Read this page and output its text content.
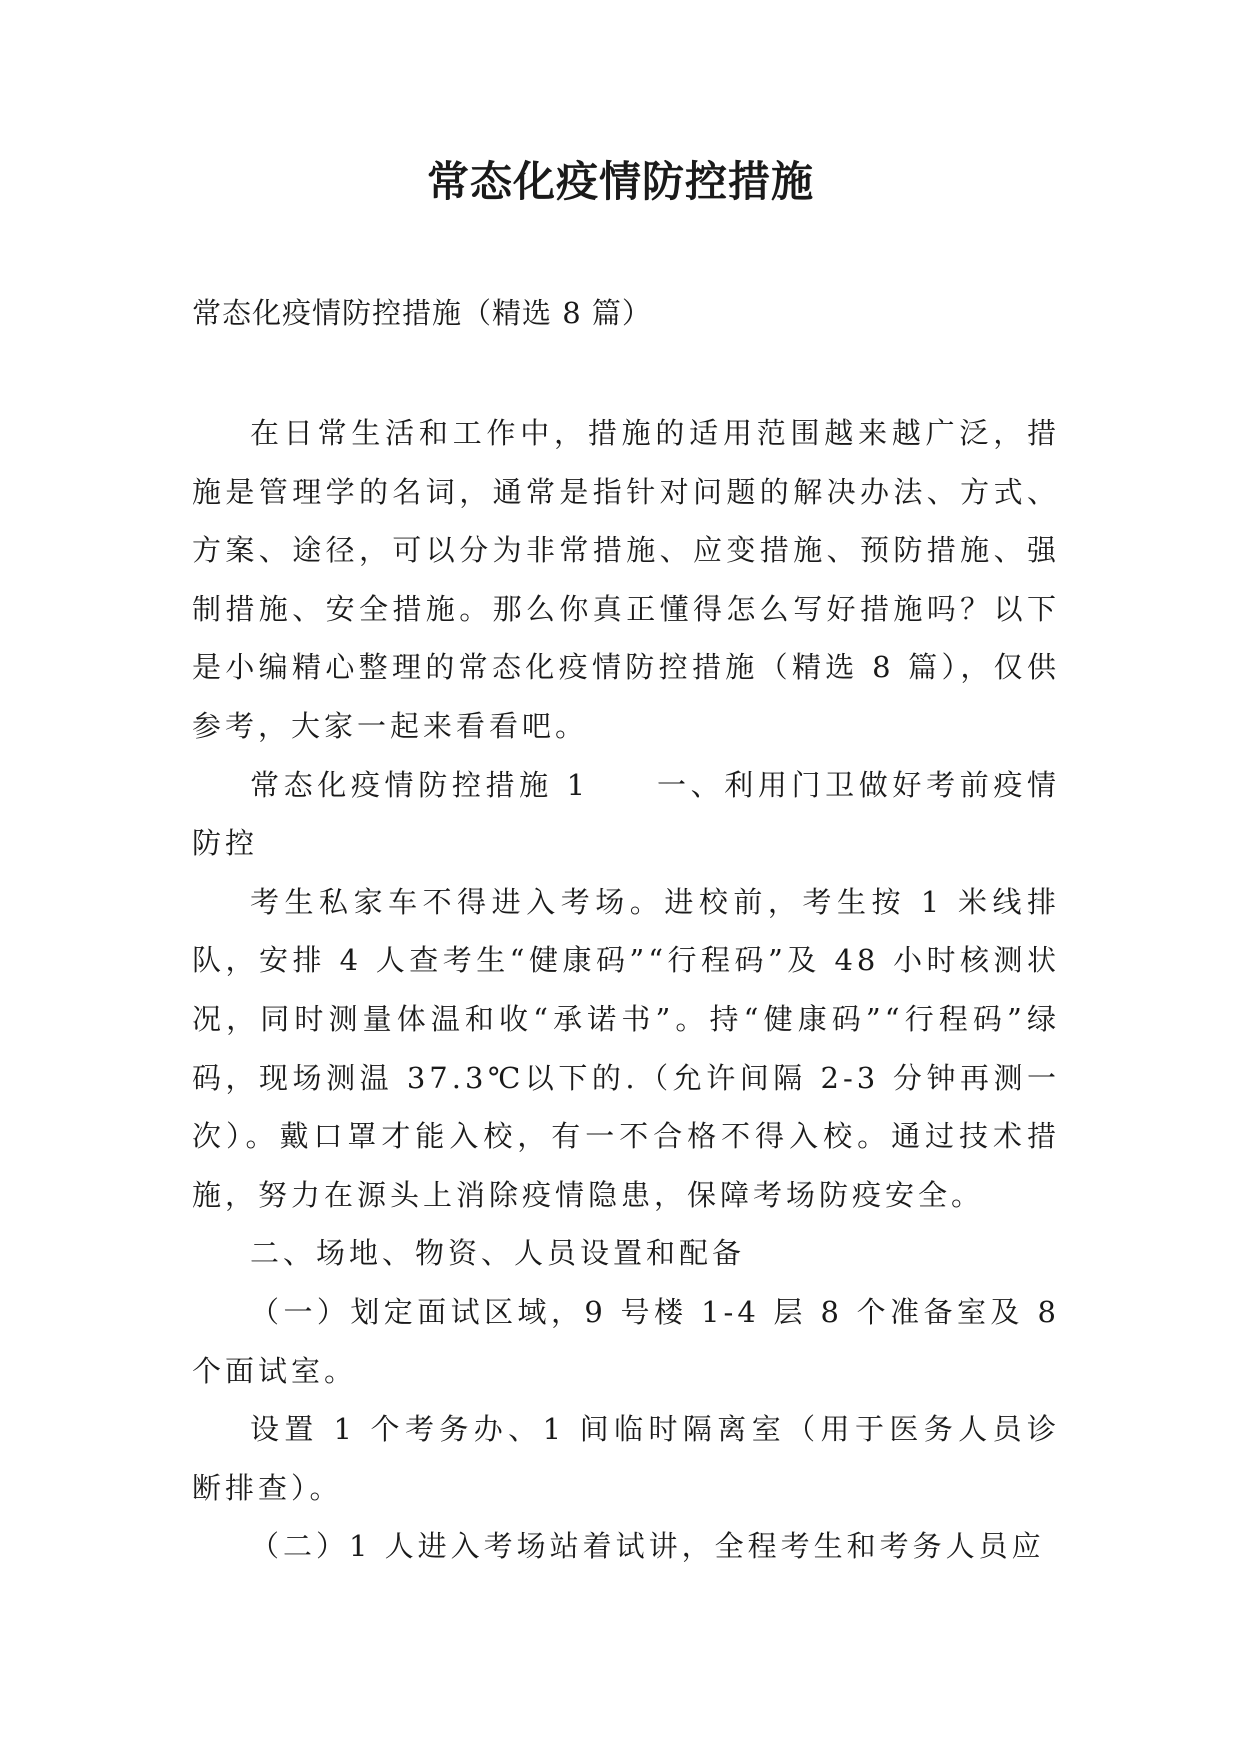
常态化疫情防控措施

常态化疫情防控措施（精选 8 篇）

在日常生活和工作中，措施的适用范围越来越广泛，措施是管理学的名词，通常是指针对问题的解决办法、方式、方案、途径，可以分为非常措施、应变措施、预防措施、强制措施、安全措施。那么你真正懂得怎么写好措施吗？以下是小编精心整理的常态化疫情防控措施（精选 8 篇），仅供参考，大家一起来看看吧。

常态化疫情防控措施 1　　一、利用门卫做好考前疫情防控

考生私家车不得进入考场。进校前，考生按 1 米线排队，安排 4 人查考生“健康码”“行程码”及 48 小时核测状况，同时测量体温和收“承诺书”。持“健康码”“行程码”绿码，现场测温 37.3℃以下的.（允许间隔 2-3 分钟再测一次）。戴口罩才能入校，有一不合格不得入校。通过技术措施，努力在源头上消除疫情隐患，保障考场防疫安全。

二、场地、物资、人员设置和配备

（一）划定面试区域，9 号楼 1-4 层 8 个准备室及 8 个面试室。

设置 1 个考务办、1 间临时隔离室（用于医务人员诊断排查）。

（二）1 人进入考场站着试讲，全程考生和考务人员应
